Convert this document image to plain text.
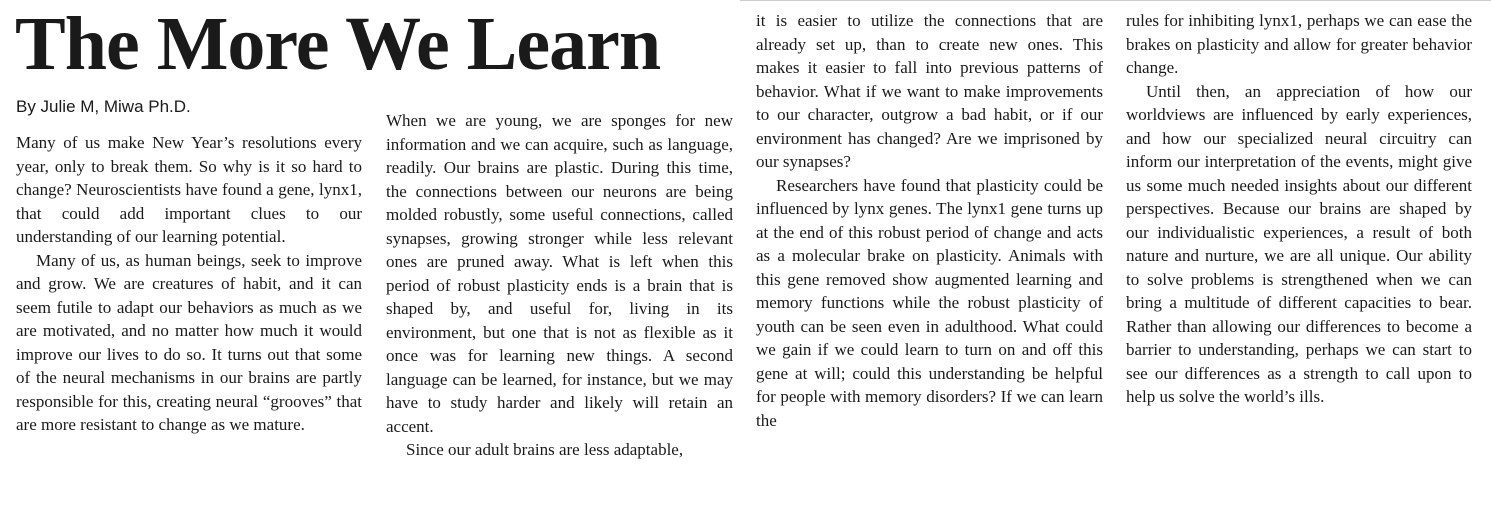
The More We Learn
By Julie M, Miwa Ph.D.

Many of us make New Year’s resolutions every year, only to break them. So why is it so hard to change? Neuroscientists have found a gene, lynx1, that could add important clues to our understanding of our learning potential.

Many of us, as human beings, seek to improve and grow. We are creatures of habit, and it can seem futile to adapt our behaviors as much as we are motivated, and no matter how much it would improve our lives to do so. It turns out that some of the neural mechanisms in our brains are partly responsible for this, creating neural “grooves” that are more resistant to change as we mature.

When we are young, we are sponges for new information and we can acquire, such as language, readily. Our brains are plastic. During this time, the connections between our neurons are being molded robustly, some useful connections, called synapses, growing stronger while less relevant ones are pruned away. What is left when this period of robust plasticity ends is a brain that is shaped by, and useful for, living in its environment, but one that is not as flexible as it once was for learning new things. A second language can be learned, for instance, but we may have to study harder and likely will retain an accent.

Since our adult brains are less adaptable,

it is easier to utilize the connections that are already set up, than to create new ones. This makes it easier to fall into previous patterns of behavior. What if we want to make improvements to our character, outgrow a bad habit, or if our environment has changed? Are we imprisoned by our synapses?

Researchers have found that plasticity could be influenced by lynx genes. The lynx1 gene turns up at the end of this robust period of change and acts as a molecular brake on plasticity. Animals with this gene removed show augmented learning and memory functions while the robust plasticity of youth can be seen even in adulthood. What could we gain if we could learn to turn on and off this gene at will; could this understanding be helpful for people with memory disorders? If we can learn the

rules for inhibiting lynx1, perhaps we can ease the brakes on plasticity and allow for greater behavior change.

Until then, an appreciation of how our worldviews are influenced by early experiences, and how our specialized neural circuitry can inform our interpretation of the events, might give us some much needed insights about our different perspectives. Because our brains are shaped by our individualistic experiences, a result of both nature and nurture, we are all unique. Our ability to solve problems is strengthened when we can bring a multitude of different capacities to bear. Rather than allowing our differences to become a barrier to understanding, perhaps we can start to see our differences as a strength to call upon to help us solve the world’s ills.
